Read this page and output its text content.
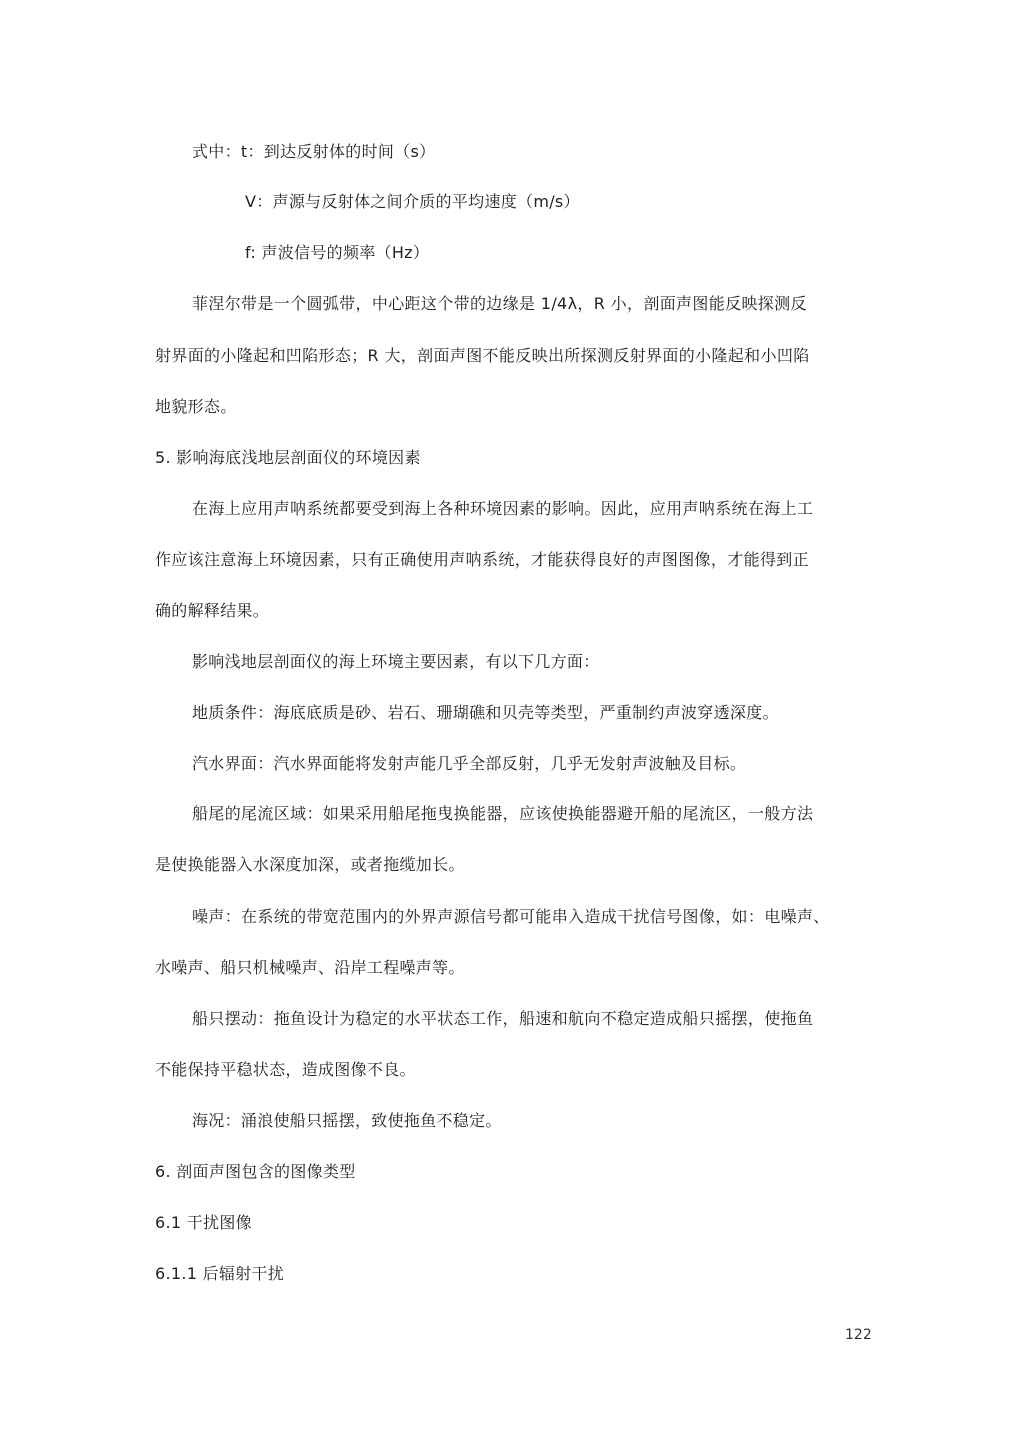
式中：t：到达反射体的时间（s）
V：声源与反射体之间介质的平均速度（m/s）
f: 声波信号的频率（Hz）
菲涅尔带是一个圆弧带，中心距这个带的边缘是 1/4λ，R 小，剖面声图能反映探测反
射界面的小隆起和凹陷形态；R 大，剖面声图不能反映出所探测反射界面的小隆起和小凹陷
地貌形态。
5. 影响海底浅地层剖面仪的环境因素
在海上应用声呐系统都要受到海上各种环境因素的影响。因此，应用声呐系统在海上工
作应该注意海上环境因素，只有正确使用声呐系统，才能获得良好的声图图像，才能得到正
确的解释结果。
影响浅地层剖面仪的海上环境主要因素，有以下几方面：
地质条件：海底底质是砂、岩石、珊瑚礁和贝壳等类型，严重制约声波穿透深度。
汽水界面：汽水界面能将发射声能几乎全部反射，几乎无发射声波触及目标。
船尾的尾流区域：如果采用船尾拖曳换能器，应该使换能器避开船的尾流区，一般方法
是使换能器入水深度加深，或者拖缆加长。
噪声：在系统的带宽范围内的外界声源信号都可能串入造成干扰信号图像，如：电噪声、
水噪声、船只机械噪声、沿岸工程噪声等。
船只摆动：拖鱼设计为稳定的水平状态工作，船速和航向不稳定造成船只摇摆，使拖鱼
不能保持平稳状态，造成图像不良。
海况：涌浪使船只摇摆，致使拖鱼不稳定。
6. 剖面声图包含的图像类型
6.1 干扰图像
6.1.1 后辐射干扰
122
